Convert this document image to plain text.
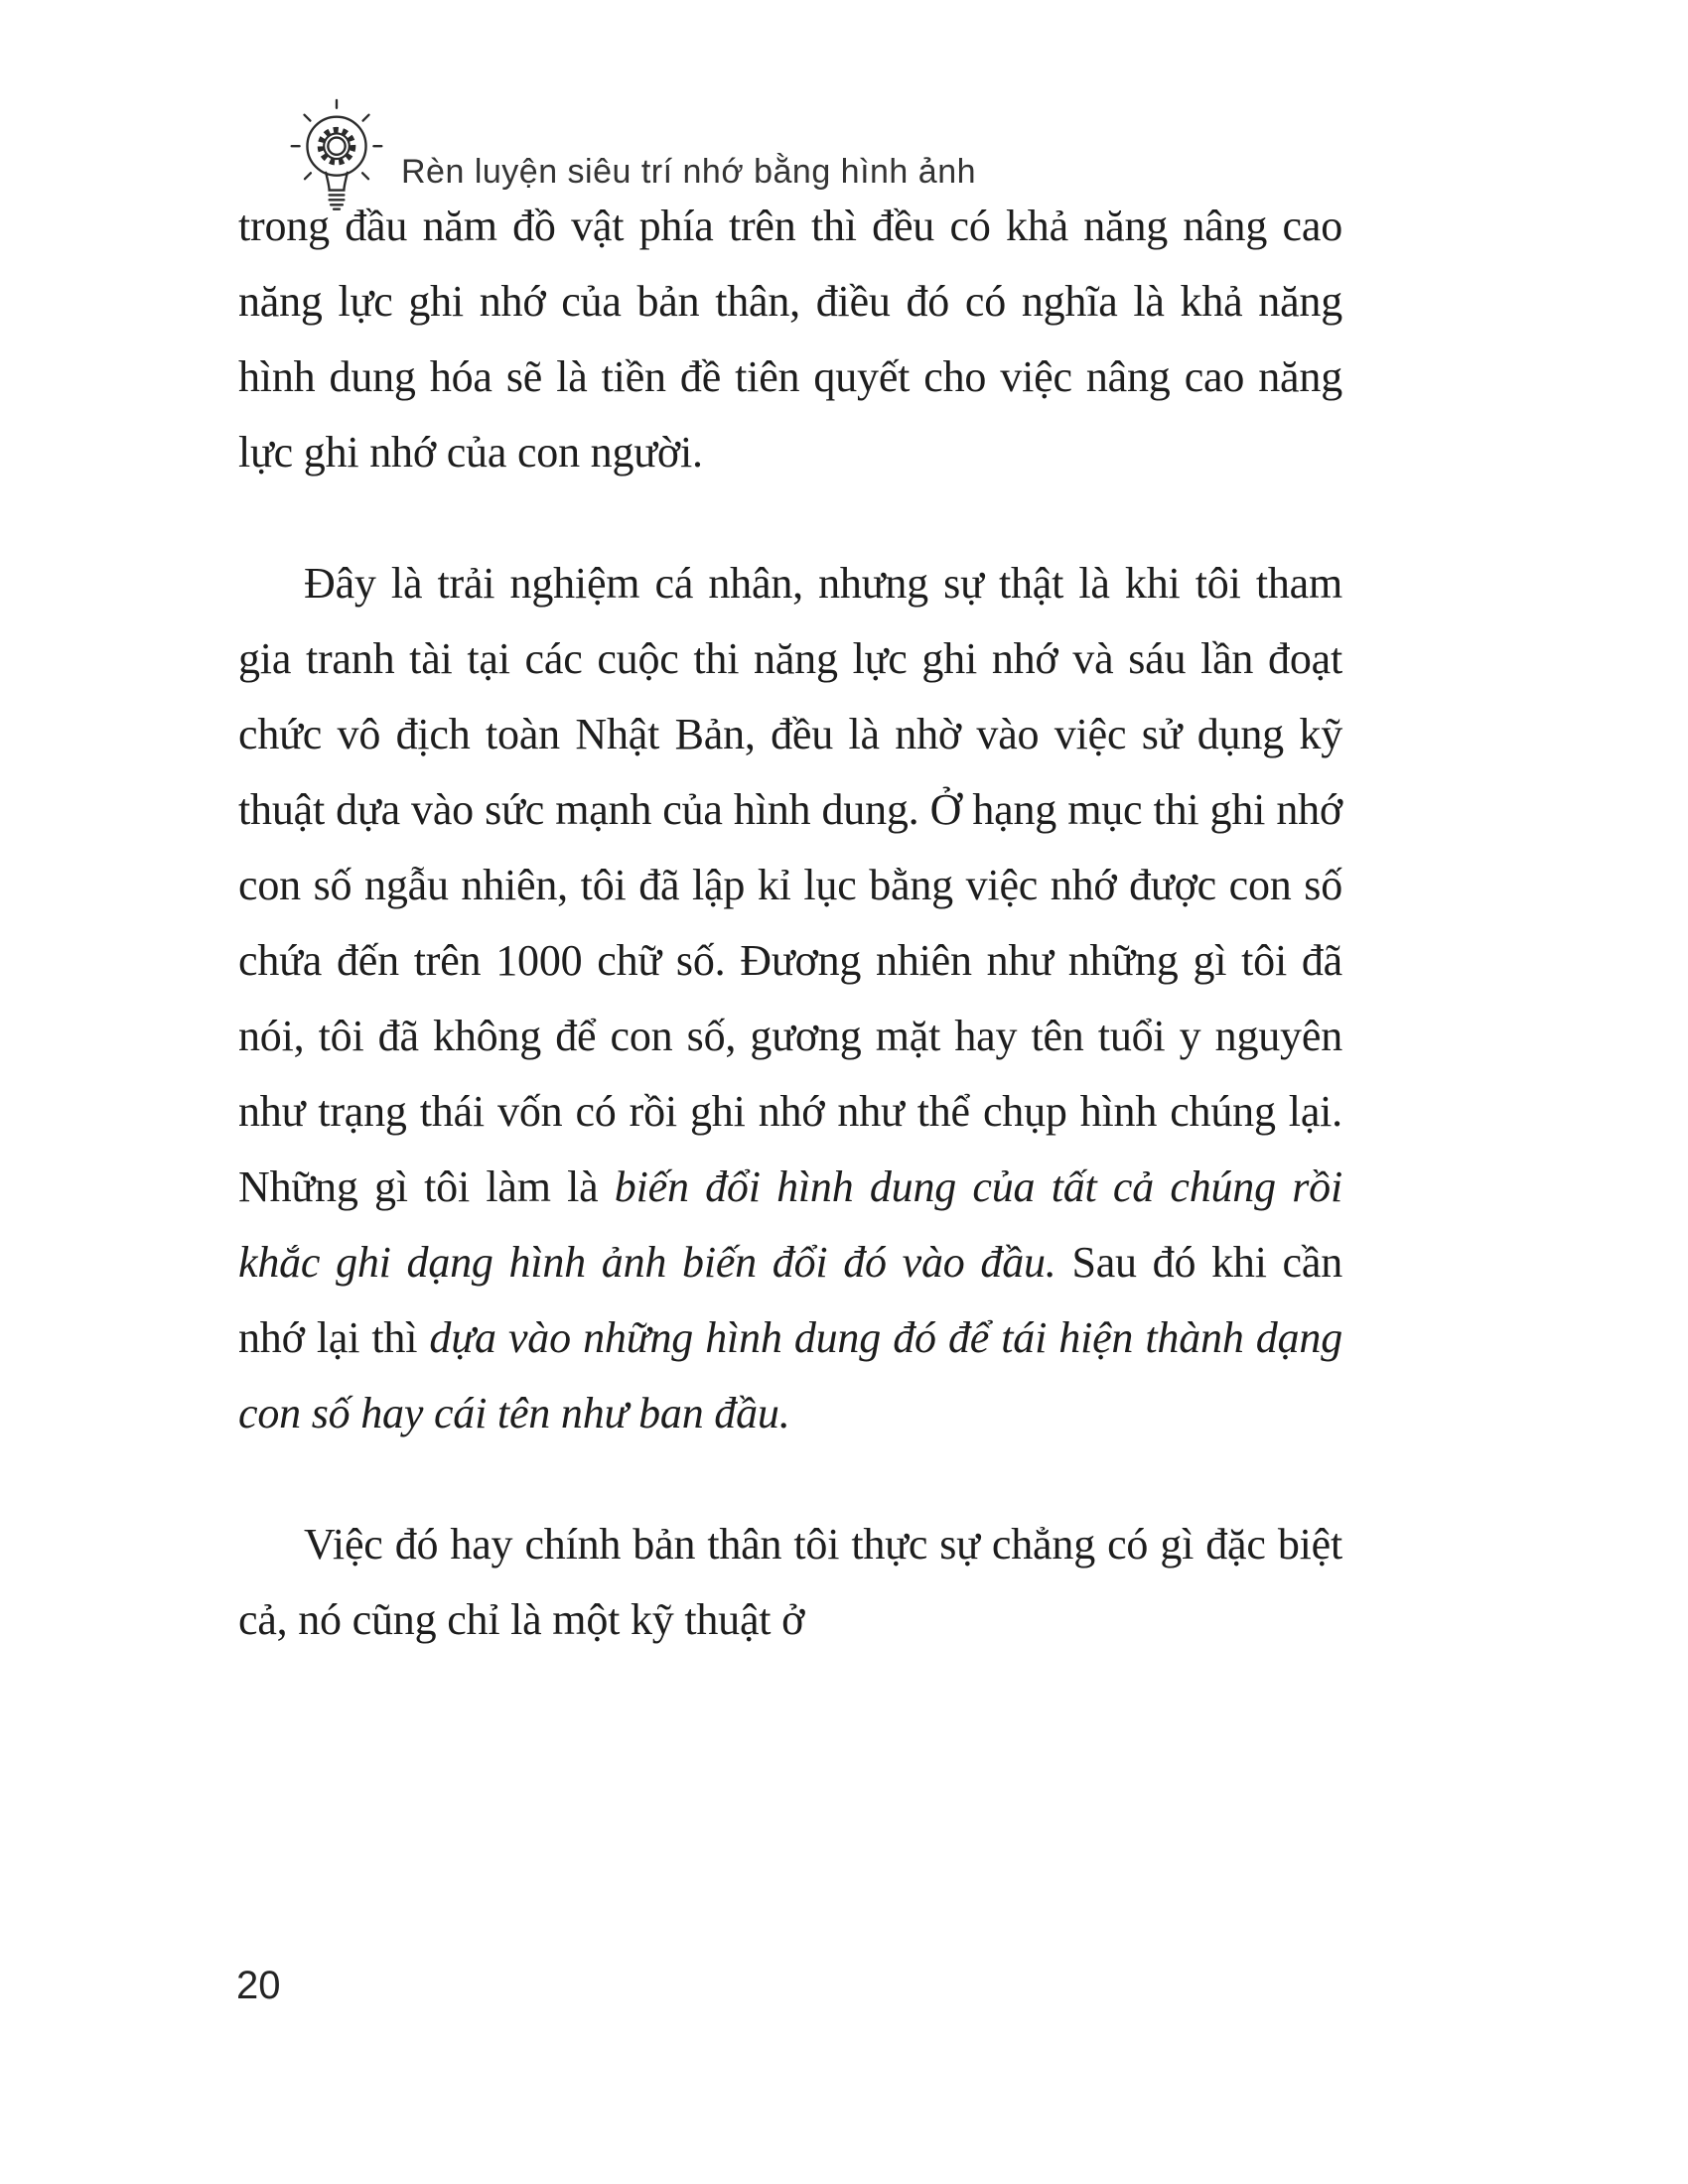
Rèn luyện siêu trí nhớ bằng hình ảnh

trong đầu năm đồ vật phía trên thì đều có khả năng nâng cao năng lực ghi nhớ của bản thân, điều đó có nghĩa là khả năng hình dung hóa sẽ là tiền đề tiên quyết cho việc nâng cao năng lực ghi nhớ của con người.

Đây là trải nghiệm cá nhân, nhưng sự thật là khi tôi tham gia tranh tài tại các cuộc thi năng lực ghi nhớ và sáu lần đoạt chức vô địch toàn Nhật Bản, đều là nhờ vào việc sử dụng kỹ thuật dựa vào sức mạnh của hình dung. Ở hạng mục thi ghi nhớ con số ngẫu nhiên, tôi đã lập kỉ lục bằng việc nhớ được con số chứa đến trên 1000 chữ số. Đương nhiên như những gì tôi đã nói, tôi đã không để con số, gương mặt hay tên tuổi y nguyên như trạng thái vốn có rồi ghi nhớ như thể chụp hình chúng lại. Những gì tôi làm là biến đổi hình dung của tất cả chúng rồi khắc ghi dạng hình ảnh biến đổi đó vào đầu. Sau đó khi cần nhớ lại thì dựa vào những hình dung đó để tái hiện thành dạng con số hay cái tên như ban đầu.

Việc đó hay chính bản thân tôi thực sự chẳng có gì đặc biệt cả, nó cũng chỉ là một kỹ thuật ở

20
